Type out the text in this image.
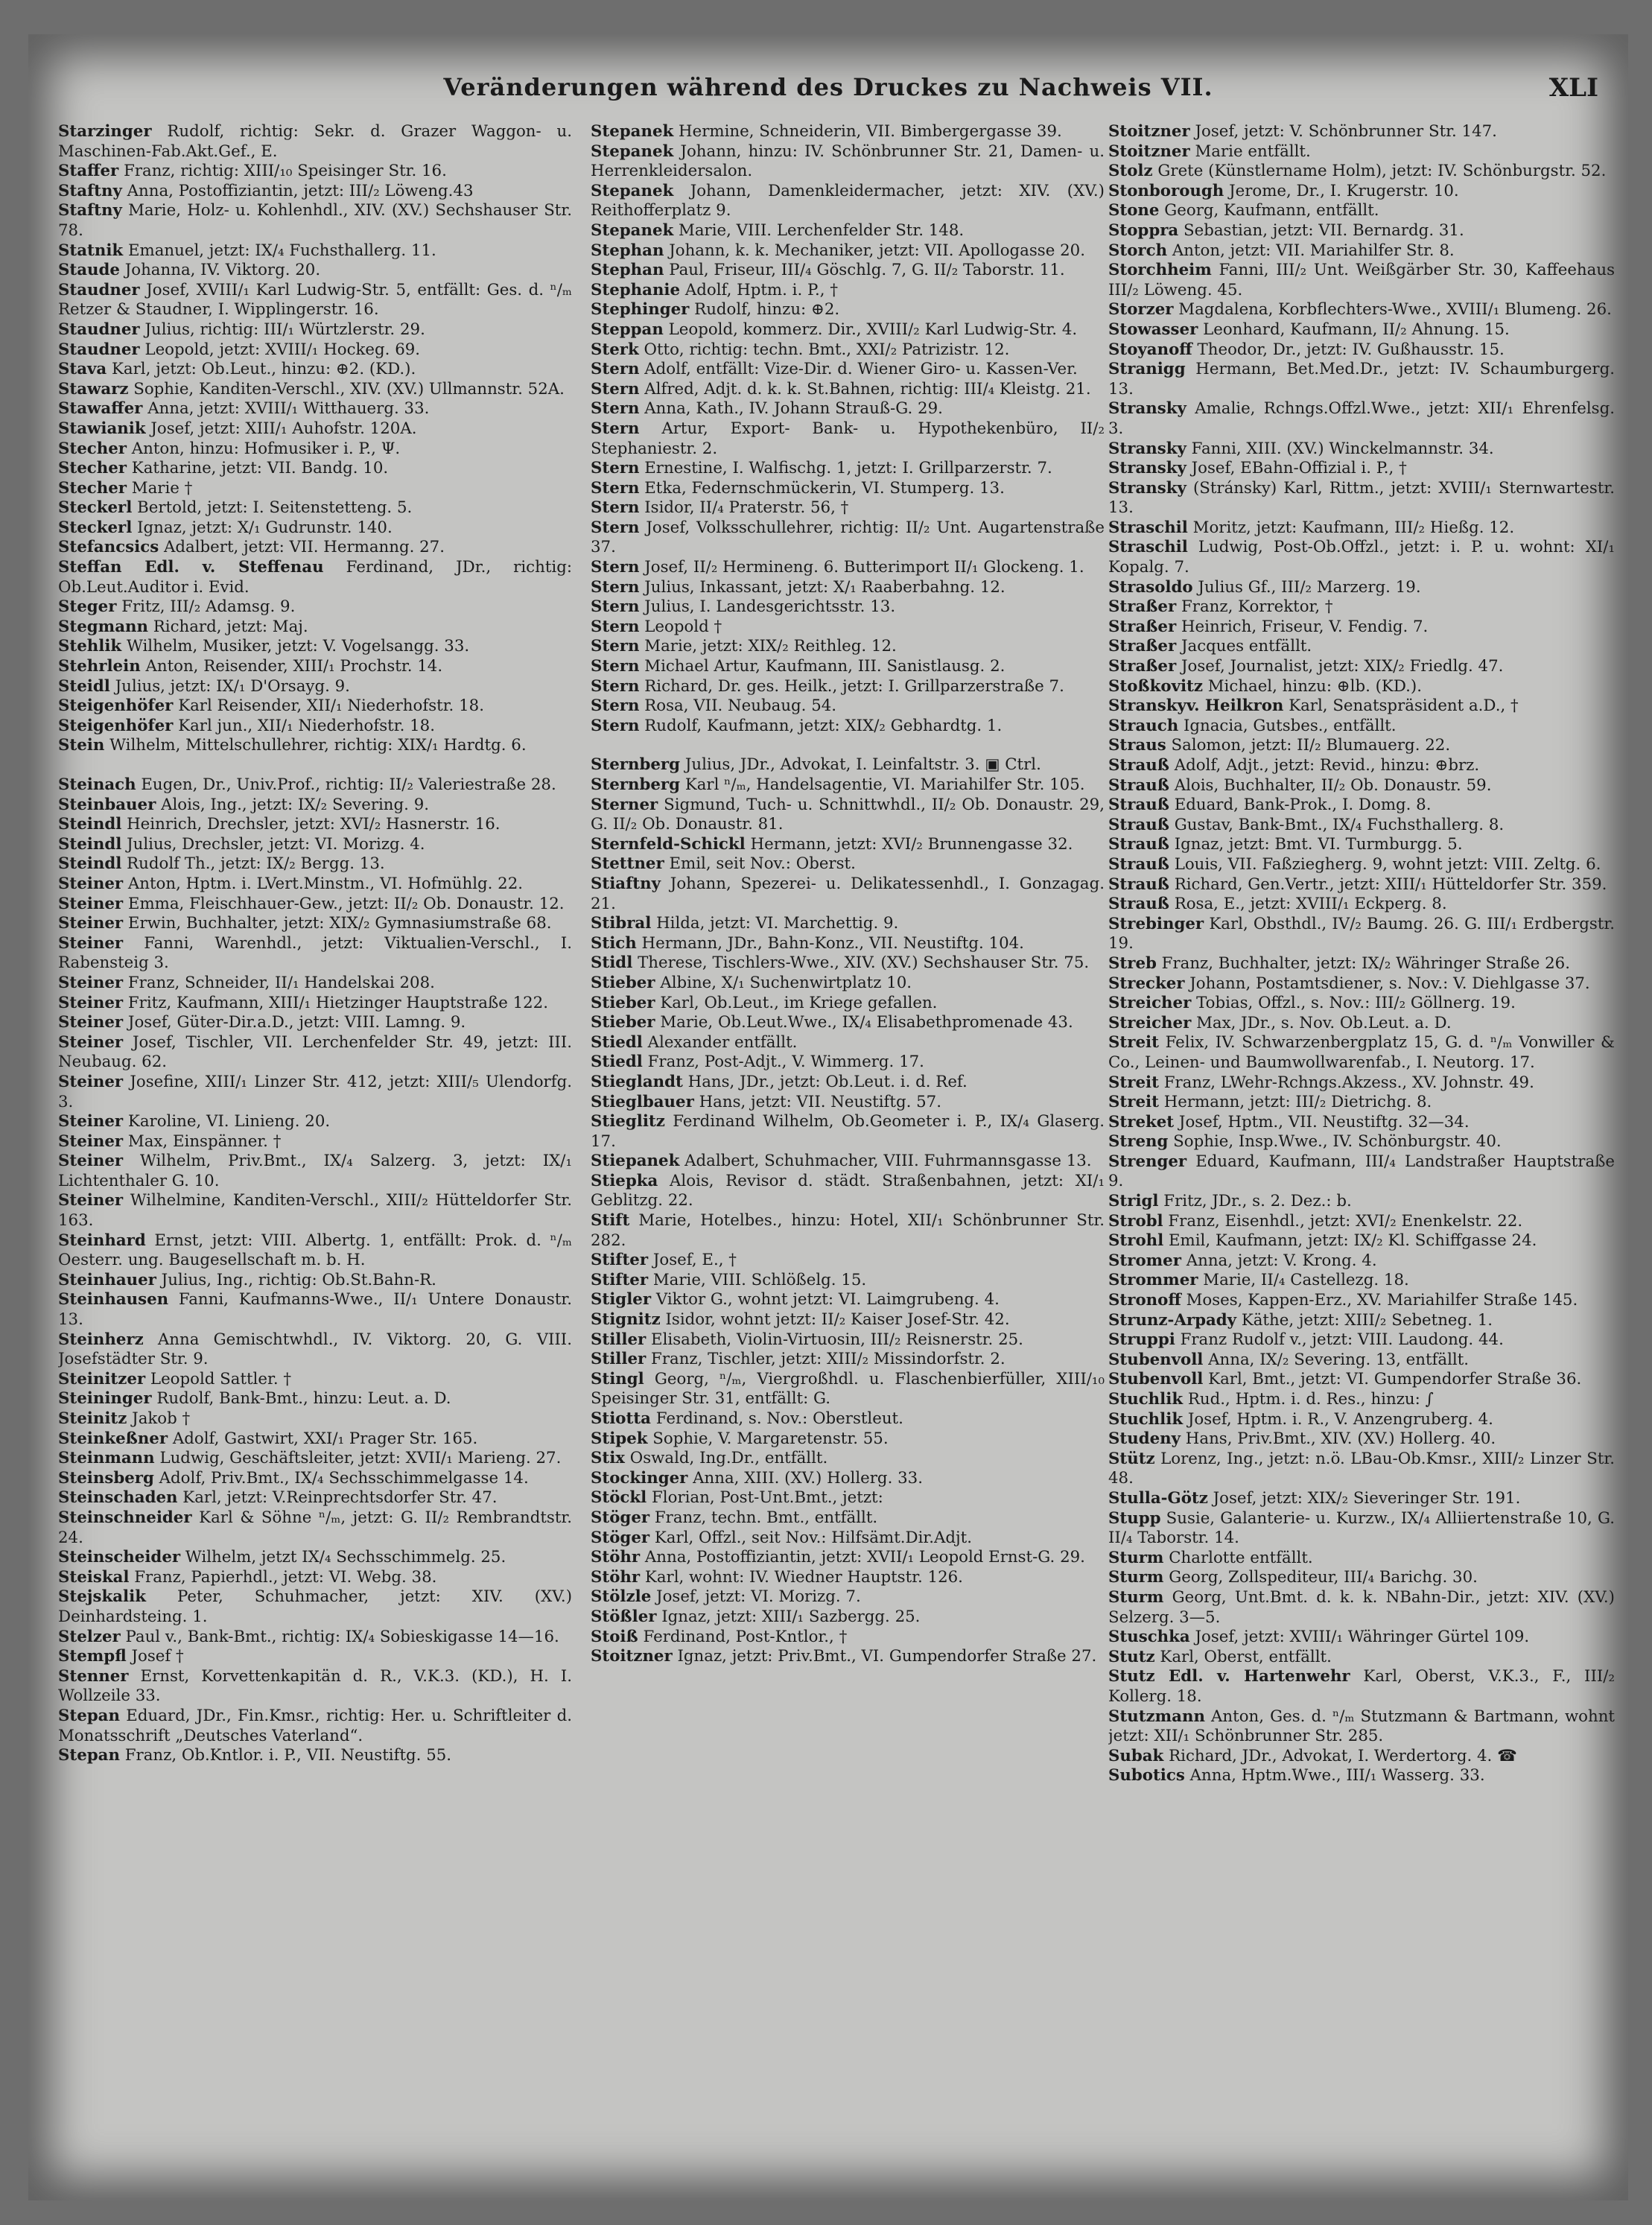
Veränderungen während des Druckes zu Nachweis VII.	XLI
Starzinger Rudolf, richtig: Sekr. d. Grazer Waggon- u. Maschinen-Fab.Akt.Gef., E.
Staffer Franz, richtig: XIII/₁₀ Speisinger Str. 16.
Staftny Anna, Postoffiziantin, jetzt: III/₂ Löweng.43
Staftny Marie, Holz- u. Kohlenhdl., XIV. (XV.) Sechshauser Str. 78.
Statnik Emanuel, jetzt: IX/₄ Fuchsthallerg. 11.
Staude Johanna, IV. Viktorg. 20.
Staudner Josef, XVIII/₁ Karl Ludwig-Str. 5, entfällt: Ges. d. ⁿ/ₘ Retzer & Staudner, I. Wipplingerstr. 16.
Staudner Julius, richtig: III/₁ Würtzlerstr. 29.
Staudner Leopold, jetzt: XVIII/₁ Hockeg. 69.
Stava Karl, jetzt: Ob.Leut., hinzu: ⊕2. (KD.).
Stawarz Sophie, Kanditen-Verschl., XIV. (XV.) Ullmannstr. 52A.
Stawaffer Anna, jetzt: XVIII/₁ Witthauerg. 33.
Stawianik Josef, jetzt: XIII/₁ Auhofstr. 120A.
Stecher Anton, hinzu: Hofmusiker i. P., Ψ.
Stecher Katharine, jetzt: VII. Bandg. 10.
Stecher Marie †
Steckerl Bertold, jetzt: I. Seitenstetteng. 5.
Steckerl Ignaz, jetzt: X/₁ Gudrunstr. 140.
Stefancsics Adalbert, jetzt: VII. Hermanng. 27.
Steffan Edl. v. Steffenau Ferdinand, JDr., richtig: Ob.Leut.Auditor i. Evid.
Steger Fritz, III/₂ Adamsg. 9.
Stegmann Richard, jetzt: Maj.
Stehlik Wilhelm, Musiker, jetzt: V. Vogelsangg. 33.
Stehrlein Anton, Reisender, XIII/₁ Prochstr. 14.
Steidl Julius, jetzt: IX/₁ D'Orsayg. 9.
Steigenhöfer Karl Reisender, XII/₁ Niederhofstr. 18.
Steigenhöfer Karl jun., XII/₁ Niederhofstr. 18.
Stein Wilhelm, Mittelschullehrer, richtig: XIX/₁ Hardtg. 6.
Steinach Eugen, Dr., Univ.Prof., richtig: II/₂ Valeriestraße 28.
Steinbauer Alois, Ing., jetzt: IX/₂ Severing. 9.
Steindl Heinrich, Drechsler, jetzt: XVI/₂ Hasnerstr. 16.
Steindl Julius, Drechsler, jetzt: VI. Morizg. 4.
Steindl Rudolf Th., jetzt: IX/₂ Bergg. 13.
Steiner Anton, Hptm. i. LVert.Minstm., VI. Hofmühlg. 22.
Steiner Emma, Fleischhauer-Gew., jetzt: II/₂ Ob. Donaustr. 12.
Steiner Erwin, Buchhalter, jetzt: XIX/₂ Gymnasiumstraße 68.
Steiner Fanni, Warenhdl., jetzt: Viktualien-Verschl., I. Rabensteig 3.
Steiner Franz, Schneider, II/₁ Handelskai 208.
Steiner Fritz, Kaufmann, XIII/₁ Hietzinger Hauptstraße 122.
Steiner Josef, Güter-Dir.a.D., jetzt: VIII. Lamng. 9.
Steiner Josef, Tischler, VII. Lerchenfelder Str. 49, jetzt: III. Neubaug. 62.
Steiner Josefine, XIII/₁ Linzer Str. 412, jetzt: XIII/₅ Ulendorfg. 3.
Steiner Karoline, VI. Linieng. 20.
Steiner Max, Einspänner. †
Steiner Wilhelm, Priv.Bmt., IX/₄ Salzerg. 3, jetzt: IX/₁ Lichtenthaler G. 10.
Steiner Wilhelmine, Kanditen-Verschl., XIII/₂ Hütteldorfer Str. 163.
Steinhard Ernst, jetzt: VIII. Albertg. 1, entfällt: Prok. d. ⁿ/ₘ Oesterr. ung. Baugesellschaft m. b. H.
Steinhauer Julius, Ing., richtig: Ob.St.Bahn-R.
Steinhausen Fanni, Kaufmanns-Wwe., II/₁ Untere Donaustr. 13.
Steinherz Anna Gemischtwhdl., IV. Viktorg. 20, G. VIII. Josefstädter Str. 9.
Steinitzer Leopold Sattler. †
Steininger Rudolf, Bank-Bmt., hinzu: Leut. a. D.
Steinitz Jakob †
Steinkeßner Adolf, Gastwirt, XXI/₁ Prager Str. 165.
Steinmann Ludwig, Geschäftsleiter, jetzt: XVII/₁ Marieng. 27.
Steinsberg Adolf, Priv.Bmt., IX/₄ Sechsschimmelgasse 14.
Steinschaden Karl, jetzt: V.Reinprechtsdorfer Str. 47.
Steinschneider Karl & Söhne ⁿ/ₘ, jetzt: G. II/₂ Rembrandtstr. 24.
Steinscheider Wilhelm, jetzt IX/₄ Sechsschimmelg. 25.
Steiskal Franz, Papierhdl., jetzt: VI. Webg. 38.
Stejskalik Peter, Schuhmacher, jetzt: XIV. (XV.) Deinhardsteing. 1.
Stelzer Paul v., Bank-Bmt., richtig: IX/₄ Sobieskigasse 14—16.
Stempfl Josef †
Stenner Ernst, Korvettenkapitän d. R., V.K.3. (KD.), H. I. Wollzeile 33.
Stepan Eduard, JDr., Fin.Kmsr., richtig: Her. u. Schriftleiter d. Monatsschrift „Deutsches Vaterland“.
Stepan Franz, Ob.Kntlor. i. P., VII. Neustiftg. 55.
Stepanek Hermine, Schneiderin, VII. Bimbergergasse 39.
Stepanek Johann, hinzu: IV. Schönbrunner Str. 21, Damen- u. Herrenkleidersalon.
Stepanek Johann, Damenkleidermacher, jetzt: XIV. (XV.) Reithofferplatz 9.
Stepanek Marie, VIII. Lerchenfelder Str. 148.
Stephan Johann, k. k. Mechaniker, jetzt: VII. Apollogasse 20.
Stephan Paul, Friseur, III/₄ Göschlg. 7, G. II/₂ Taborstr. 11.
Stephanie Adolf, Hptm. i. P., †
Stephinger Rudolf, hinzu: ⊕2.
Steppan Leopold, kommerz. Dir., XVIII/₂ Karl Ludwig-Str. 4.
Sterk Otto, richtig: techn. Bmt., XXI/₂ Patrizistr. 12.
Stern Adolf, entfällt: Vize-Dir. d. Wiener Giro- u. Kassen-Ver.
Stern Alfred, Adjt. d. k. k. St.Bahnen, richtig: III/₄ Kleistg. 21.
Stern Anna, Kath., IV. Johann Strauß-G. 29.
Stern Artur, Export- Bank- u. Hypothekenbüro, II/₂ Stephaniestr. 2.
Stern Ernestine, I. Walfischg. 1, jetzt: I. Grillparzerstr. 7.
Stern Etka, Federnschmückerin, VI. Stumperg. 13.
Stern Isidor, II/₄ Praterstr. 56, †
Stern Josef, Volksschullehrer, richtig: II/₂ Unt. Augartenstraße 37.
Stern Josef, II/₂ Hermineng. 6. Butterimport II/₁ Glockeng. 1.
Stern Julius, Inkassant, jetzt: X/₁ Raaberbahng. 12.
Stern Julius, I. Landesgerichtsstr. 13.
Stern Leopold †
Stern Marie, jetzt: XIX/₂ Reithleg. 12.
Stern Michael Artur, Kaufmann, III. Sanistlausg. 2.
Stern Richard, Dr. ges. Heilk., jetzt: I. Grillparzerstraße 7.
Stern Rosa, VII. Neubaug. 54.
Stern Rudolf, Kaufmann, jetzt: XIX/₂ Gebhardtg. 1.
Sternberg Julius, JDr., Advokat, I. Leinfaltstr. 3. ▣ Ctrl.
Sternberg Karl ⁿ/ₘ, Handelsagentie, VI. Mariahilfer Str. 105.
Sterner Sigmund, Tuch- u. Schnittwhdl., II/₂ Ob. Donaustr. 29, G. II/₂ Ob. Donaustr. 81.
Sternfeld-Schickl Hermann, jetzt: XVI/₂ Brunnengasse 32.
Stettner Emil, seit Nov.: Oberst.
Stiaftny Johann, Spezerei- u. Delikatessenhdl., I. Gonzagag. 21.
Stibral Hilda, jetzt: VI. Marchettig. 9.
Stich Hermann, JDr., Bahn-Konz., VII. Neustiftg. 104.
Stidl Therese, Tischlers-Wwe., XIV. (XV.) Sechshauser Str. 75.
Stieber Albine, X/₁ Suchenwirtplatz 10.
Stieber Karl, Ob.Leut., im Kriege gefallen.
Stieber Marie, Ob.Leut.Wwe., IX/₄ Elisabethpromenade 43.
Stiedl Alexander entfällt.
Stiedl Franz, Post-Adjt., V. Wimmerg. 17.
Stieglandt Hans, JDr., jetzt: Ob.Leut. i. d. Ref.
Stieglbauer Hans, jetzt: VII. Neustiftg. 57.
Stieglitz Ferdinand Wilhelm, Ob.Geometer i. P., IX/₄ Glaserg. 17.
Stiepanek Adalbert, Schuhmacher, VIII. Fuhrmannsgasse 13.
Stiepka Alois, Revisor d. städt. Straßenbahnen, jetzt: XI/₁ Geblitzg. 22.
Stift Marie, Hotelbes., hinzu: Hotel, XII/₁ Schönbrunner Str. 282.
Stifter Josef, E., †
Stifter Marie, VIII. Schlößelg. 15.
Stigler Viktor G., wohnt jetzt: VI. Laimgrubeng. 4.
Stignitz Isidor, wohnt jetzt: II/₂ Kaiser Josef-Str. 42.
Stiller Elisabeth, Violin-Virtuosin, III/₂ Reisnerstr. 25.
Stiller Franz, Tischler, jetzt: XIII/₂ Missindorfstr. 2.
Stingl Georg, ⁿ/ₘ, Viergroßhdl. u. Flaschenbierfüller, XIII/₁₀ Speisinger Str. 31, entfällt: G.
Stiotta Ferdinand, s. Nov.: Oberstleut.
Stipek Sophie, V. Margaretenstr. 55.
Stix Oswald, Ing.Dr., entfällt.
Stockinger Anna, XIII. (XV.) Hollerg. 33.
Stöckl Florian, Post-Unt.Bmt., jetzt:
Stöger Franz, techn. Bmt., entfällt.
Stöger Karl, Offzl., seit Nov.: Hilfsämt.Dir.Adjt.
Stöhr Anna, Postoffiziantin, jetzt: XVII/₁ Leopold Ernst-G. 29.
Stöhr Karl, wohnt: IV. Wiedner Hauptstr. 126.
Stölzle Josef, jetzt: VI. Morizg. 7.
Stößler Ignaz, jetzt: XIII/₁ Sazbergg. 25.
Stoiß Ferdinand, Post-Kntlor., †
Stoitzner Ignaz, jetzt: Priv.Bmt., VI. Gumpendorfer Straße 27.
Stoitzner Josef, jetzt: V. Schönbrunner Str. 147.
Stoitzner Marie entfällt.
Stolz Grete (Künstlername Holm), jetzt: IV. Schönburgstr. 52.
Stonborough Jerome, Dr., I. Krugerstr. 10.
Stone Georg, Kaufmann, entfällt.
Stoppra Sebastian, jetzt: VII. Bernardg. 31.
Storch Anton, jetzt: VII. Mariahilfer Str. 8.
Storchheim Fanni, III/₂ Unt. Weißgärber Str. 30, Kaffeehaus III/₂ Löweng. 45.
Storzer Magdalena, Korbflechters-Wwe., XVIII/₁ Blumeng. 26.
Stowasser Leonhard, Kaufmann, II/₂ Ahnung. 15.
Stoyanoff Theodor, Dr., jetzt: IV. Gußhausstr. 15.
Stranigg Hermann, Bet.Med.Dr., jetzt: IV. Schaumburgerg. 13.
Stransky Amalie, Rchngs.Offzl.Wwe., jetzt: XII/₁ Ehrenfelsg. 3.
Stransky Fanni, XIII. (XV.) Winckelmannstr. 34.
Stransky Josef, EBahn-Offizial i. P., †
Stransky (Stránsky) Karl, Rittm., jetzt: XVIII/₁ Sternwartestr. 13.
Straschil Moritz, jetzt: Kaufmann, III/₂ Hießg. 12.
Straschil Ludwig, Post-Ob.Offzl., jetzt: i. P. u. wohnt: XI/₁ Kopalg. 7.
Strasoldo Julius Gf., III/₂ Marzerg. 19.
Straßer Franz, Korrektor, †
Straßer Heinrich, Friseur, V. Fendig. 7.
Straßer Jacques entfällt.
Straßer Josef, Journalist, jetzt: XIX/₂ Friedlg. 47.
Stoßkovitz Michael, hinzu: ⊕lb. (KD.).
Stranskyv. Heilkron Karl, Senatspräsident a.D., †
Strauch Ignacia, Gutsbes., entfällt.
Straus Salomon, jetzt: II/₂ Blumauerg. 22.
Strauß Adolf, Adjt., jetzt: Revid., hinzu: ⊕brz.
Strauß Alois, Buchhalter, II/₂ Ob. Donaustr. 59.
Strauß Eduard, Bank-Prok., I. Domg. 8.
Strauß Gustav, Bank-Bmt., IX/₄ Fuchsthallerg. 8.
Strauß Ignaz, jetzt: Bmt. VI. Turmburgg. 5.
Strauß Louis, VII. Faßziegherg. 9, wohnt jetzt: VIII. Zeltg. 6.
Strauß Richard, Gen.Vertr., jetzt: XIII/₁ Hütteldorfer Str. 359.
Strauß Rosa, E., jetzt: XVIII/₁ Eckperg. 8.
Strebinger Karl, Obsthdl., IV/₂ Baumg. 26. G. III/₁ Erdbergstr. 19.
Streb Franz, Buchhalter, jetzt: IX/₂ Währinger Straße 26.
Strecker Johann, Postamtsdiener, s. Nov.: V. Diehlgasse 37.
Streicher Tobias, Offzl., s. Nov.: III/₂ Göllnerg. 19.
Streicher Max, JDr., s. Nov. Ob.Leut. a. D.
Streit Felix, IV. Schwarzenbergplatz 15, G. d. ⁿ/ₘ Vonwiller & Co., Leinen- und Baumwollwarenfab., I. Neutorg. 17.
Streit Franz, LWehr-Rchngs.Akzess., XV. Johnstr. 49.
Streit Hermann, jetzt: III/₂ Dietrichg. 8.
Streket Josef, Hptm., VII. Neustiftg. 32—34.
Streng Sophie, Insp.Wwe., IV. Schönburgstr. 40.
Strenger Eduard, Kaufmann, III/₄ Landstraßer Hauptstraße 9.
Strigl Fritz, JDr., s. 2. Dez.: b.
Strobl Franz, Eisenhdl., jetzt: XVI/₂ Enenkelstr. 22.
Strohl Emil, Kaufmann, jetzt: IX/₂ Kl. Schiffgasse 24.
Stromer Anna, jetzt: V. Krong. 4.
Strommer Marie, II/₄ Castellezg. 18.
Stronoff Moses, Kappen-Erz., XV. Mariahilfer Straße 145.
Strunz-Arpady Käthe, jetzt: XIII/₂ Sebetneg. 1.
Struppi Franz Rudolf v., jetzt: VIII. Laudong. 44.
Stubenvoll Anna, IX/₂ Severing. 13, entfällt.
Stubenvoll Karl, Bmt., jetzt: VI. Gumpendorfer Straße 36.
Stuchlik Rud., Hptm. i. d. Res., hinzu: ∫
Stuchlik Josef, Hptm. i. R., V. Anzengruberg. 4.
Studeny Hans, Priv.Bmt., XIV. (XV.) Hollerg. 40.
Stütz Lorenz, Ing., jetzt: n.ö. LBau-Ob.Kmsr., XIII/₂ Linzer Str. 48.
Stulla-Götz Josef, jetzt: XIX/₂ Sieveringer Str. 191.
Stupp Susie, Galanterie- u. Kurzw., IX/₄ Alliiertenstraße 10, G. II/₄ Taborstr. 14.
Sturm Charlotte entfällt.
Sturm Georg, Zollspediteur, III/₄ Barichg. 30.
Sturm Georg, Unt.Bmt. d. k. k. NBahn-Dir., jetzt: XIV. (XV.) Selzerg. 3—5.
Stuschka Josef, jetzt: XVIII/₁ Währinger Gürtel 109.
Stutz Karl, Oberst, entfällt.
Stutz Edl. v. Hartenwehr Karl, Oberst, V.K.3., F., III/₂ Kollerg. 18.
Stutzmann Anton, Ges. d. ⁿ/ₘ Stutzmann & Bartmann, wohnt jetzt: XII/₁ Schönbrunner Str. 285.
Subak Richard, JDr., Advokat, I. Werdertorg. 4. ☎
Subotics Anna, Hptm.Wwe., III/₁ Wasserg. 33.
